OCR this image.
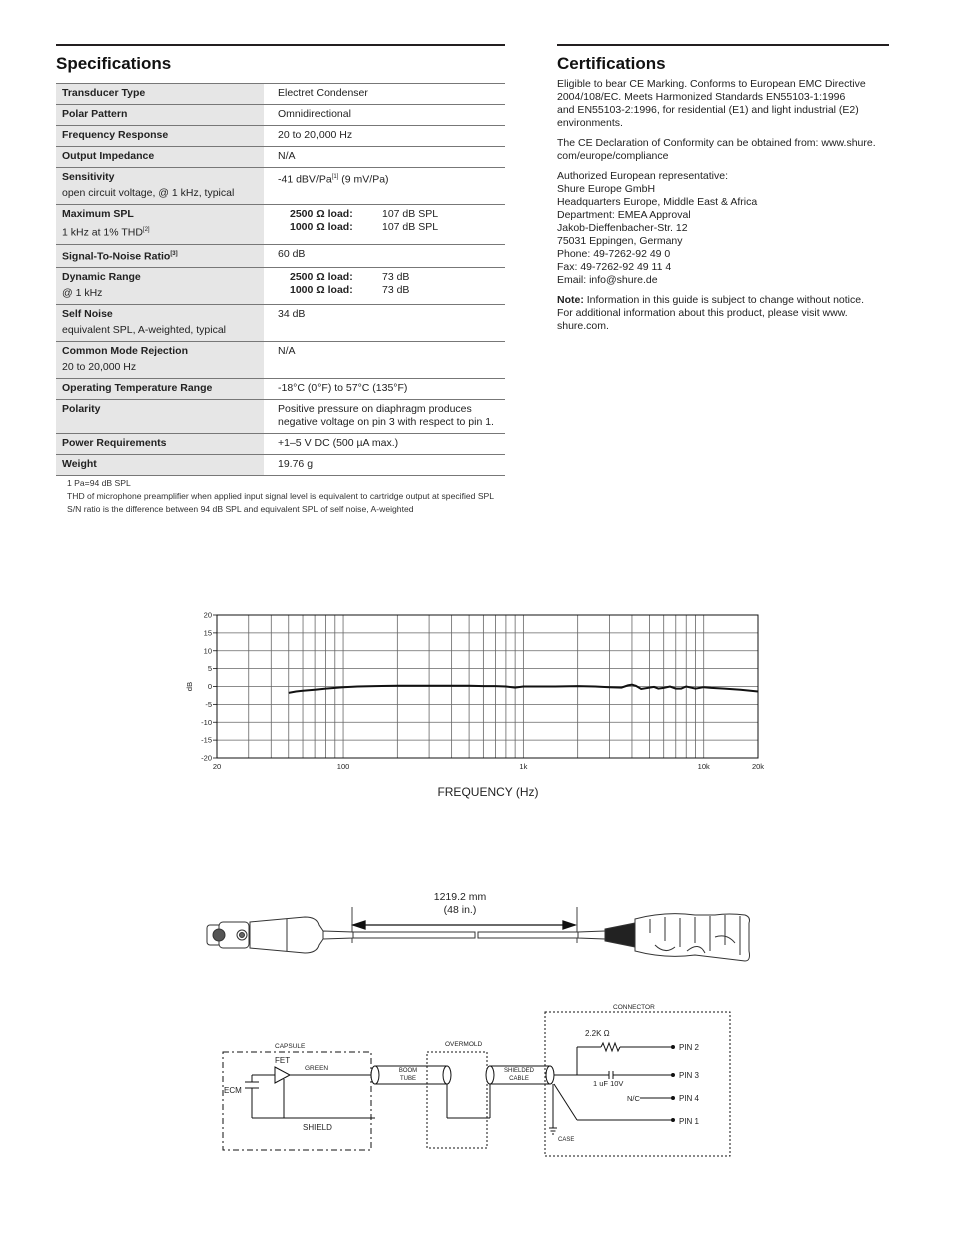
Specifications
Transducer Type	Electret Condenser

Polar Pattern	Omnidirectional

Frequency Response	20 to 20,000 Hz

Output Impedance	N/A

Sensitivity
open circuit voltage, @ 1 kHz, typical	-41 dBV/Pa[1] (9 mV/Pa)

Maximum SPL
1 kHz at 1% THD[2]	2500 Ω load: 107 dB SPL
1000 Ω load: 107 dB SPL

Signal-To-Noise Ratio[3]	60 dB

Dynamic Range
@ 1 kHz	2500 Ω load: 73 dB
1000 Ω load: 73 dB

Self Noise
equivalent SPL, A-weighted, typical	34 dB

Common Mode Rejection
20 to 20,000 Hz	N/A

Operating Temperature Range	-18°C (0°F) to 57°C (135°F)

Polarity	Positive pressure on diaphragm produces negative voltage on pin 3 with respect to pin 1.

Power Requirements	+1–5 V DC (500 µA max.)

Weight	19.76 g
1 Pa=94 dB SPL
THD of microphone preamplifier when applied input signal level is equivalent to cartridge output at specified SPL
S/N ratio is the difference between 94 dB SPL and equivalent SPL of self noise, A-weighted
Certifications

Eligible to bear CE Marking. Conforms to European EMC Directive
2004/108/EC. Meets Harmonized Standards EN55103-1:1996
and EN55103-2:1996, for residential (E1) and light industrial (E2)
environments.

The CE Declaration of Conformity can be obtained from: www.shure.
com/europe/compliance

Authorized European representative:
Shure Europe GmbH
Headquarters Europe, Middle East & Africa
Department: EMEA Approval
Jakob-Dieffenbacher-Str. 12
75031 Eppingen, Germany
Phone: 49-7262-92 49 0
Fax: 49-7262-92 49 11 4
Email: info@shure.de

Note: Information in this guide is subject to change without notice.
For additional information about this product, please visit www.
shure.com.

20
15
10
5
0
-5
-10
-15
-20
20	100	1k	10k	20k
dB
FREQUENCY (Hz)
1219.2 mm
(48 in.)
CAPSULE
FET
ECM
GREEN
SHIELD
BOOM
TUBE
OVERMOLD
SHIELDED
CABLE
CONNECTOR
2.2K Ω
1 uF 10V
N/C
CASE
PIN 2
PIN 3
PIN 4
PIN 1
